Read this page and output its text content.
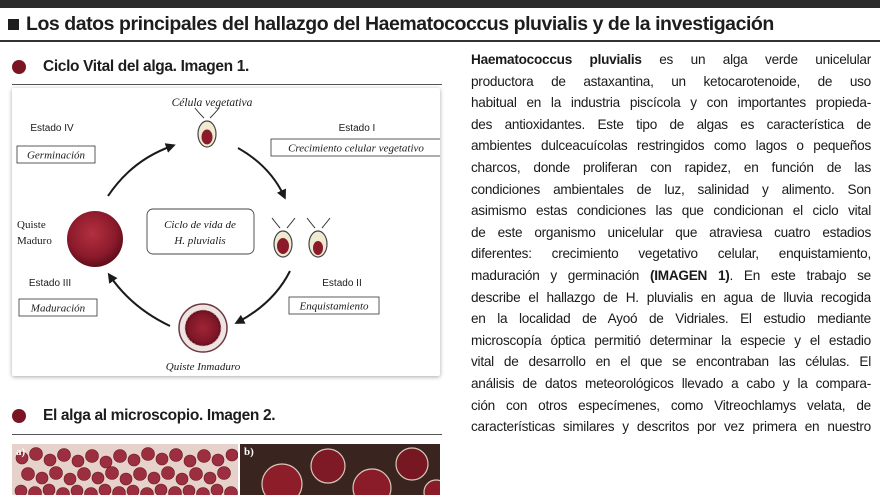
Los datos principales del hallazgo del Haematococcus pluvialis y de la investigación
Ciclo Vital del alga. Imagen 1.
Célula vegetativa
Estado I
Crecimiento celular vegetativo
Estado IV
Germinación
Ciclo de vida de
H. pluvialis
Quiste
Maduro
Estado II
Enquistamiento
Estado III
Maduración
Quiste Inmaduro
El alga al microscopio. Imagen 2.
a)	b)
Haematococcus pluvialis es un alga verde unicelular
productora de astaxantina, un ketocarotenoide, de uso
habitual en la industria piscícola y con importantes propieda-
des antioxidantes. Este tipo de algas es característica de
ambientes dulceacuícolas restringidos como lagos o pequeños
charcos, donde proliferan con rapidez, en función de las
condiciones ambientales de luz, salinidad y alimento. Son
asimismo estas condiciones las que condicionan el ciclo vital
de este organismo unicelular que atraviesa cuatro estadios
diferentes: crecimiento vegetativo celular, enquistamiento,
maduración y germinación (IMAGEN 1). En este trabajo se
describe el hallazgo de H. pluvialis en agua de lluvia recogida
en la localidad de Ayoó de Vidriales. El estudio mediante
microscopía óptica permitió determinar la especie y el estadio
vital de desarrollo en el que se encontraban las células. El
análisis de datos meteorológicos llevado a cabo y la compara-
ción con otros especímenes, como Vitreochlamys velata, de
características similares y descritos por vez primera en nuestro
